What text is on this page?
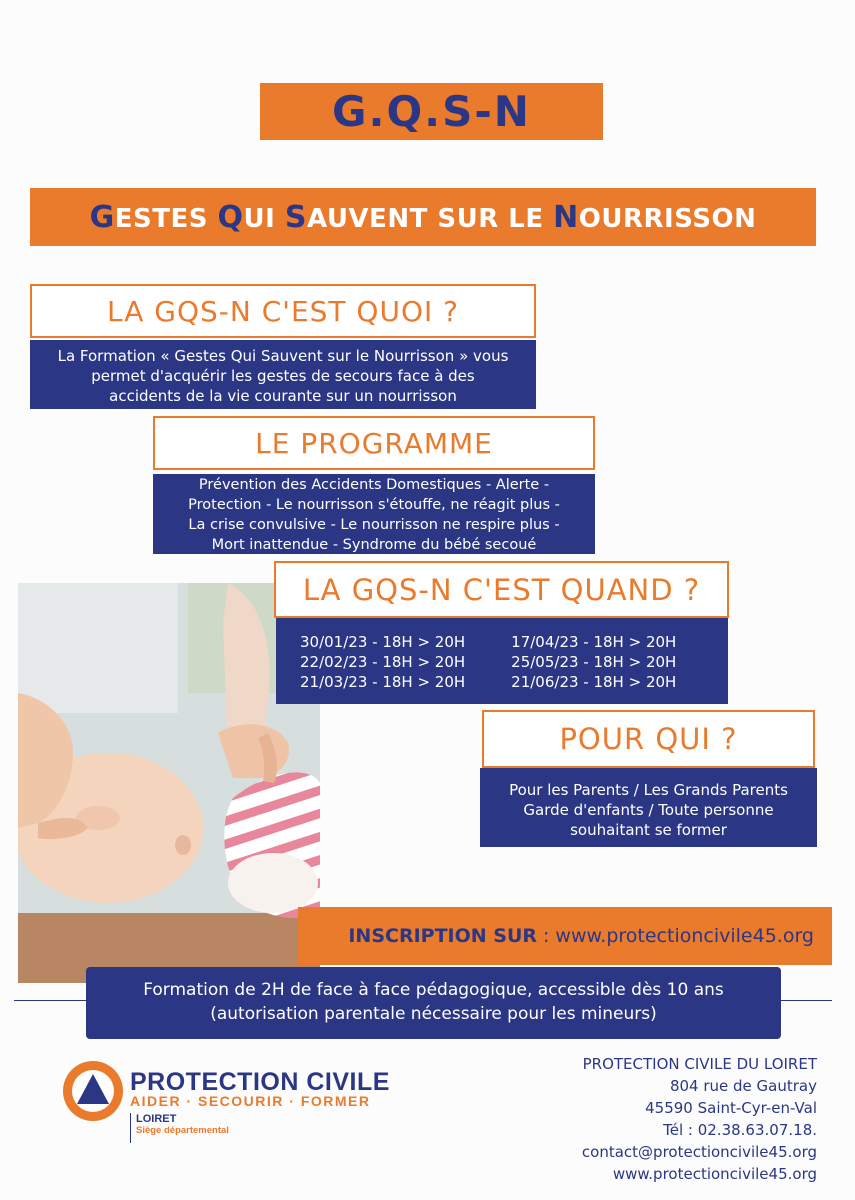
G.Q.S-N
GESTES QUI SAUVENT SUR LE NOURRISSON
LA GQS-N C'EST QUOI ?
La Formation « Gestes Qui Sauvent sur le Nourrisson » vous
permet d'acquérir les gestes de secours face à des
accidents de la vie courante sur un nourrisson
LE PROGRAMME
Prévention des Accidents Domestiques - Alerte -
Protection - Le nourrisson s'étouffe, ne réagit plus -
La crise convulsive - Le nourrisson ne respire plus -
Mort inattendue - Syndrome du bébé secoué
LA GQS-N C'EST QUAND ?
30/01/23 - 18H > 20H
22/02/23 - 18H > 20H
21/03/23 - 18H > 20H
17/04/23 - 18H > 20H
25/05/23 - 18H > 20H
21/06/23 - 18H > 20H
POUR QUI ?
Pour les Parents / Les Grands Parents
Garde d'enfants / Toute personne
souhaitant se former
INSCRIPTION SUR : www.protectioncivile45.org
Formation de 2H de face à face pédagogique, accessible dès 10 ans
(autorisation parentale nécessaire pour les mineurs)
PROTECTION CIVILE
AIDER · SECOURIR · FORMER
LOIRET
Siège départemental
PROTECTION CIVILE DU LOIRET
804 rue de Gautray
45590 Saint-Cyr-en-Val
Tél : 02.38.63.07.18.
contact@protectioncivile45.org
www.protectioncivile45.org
